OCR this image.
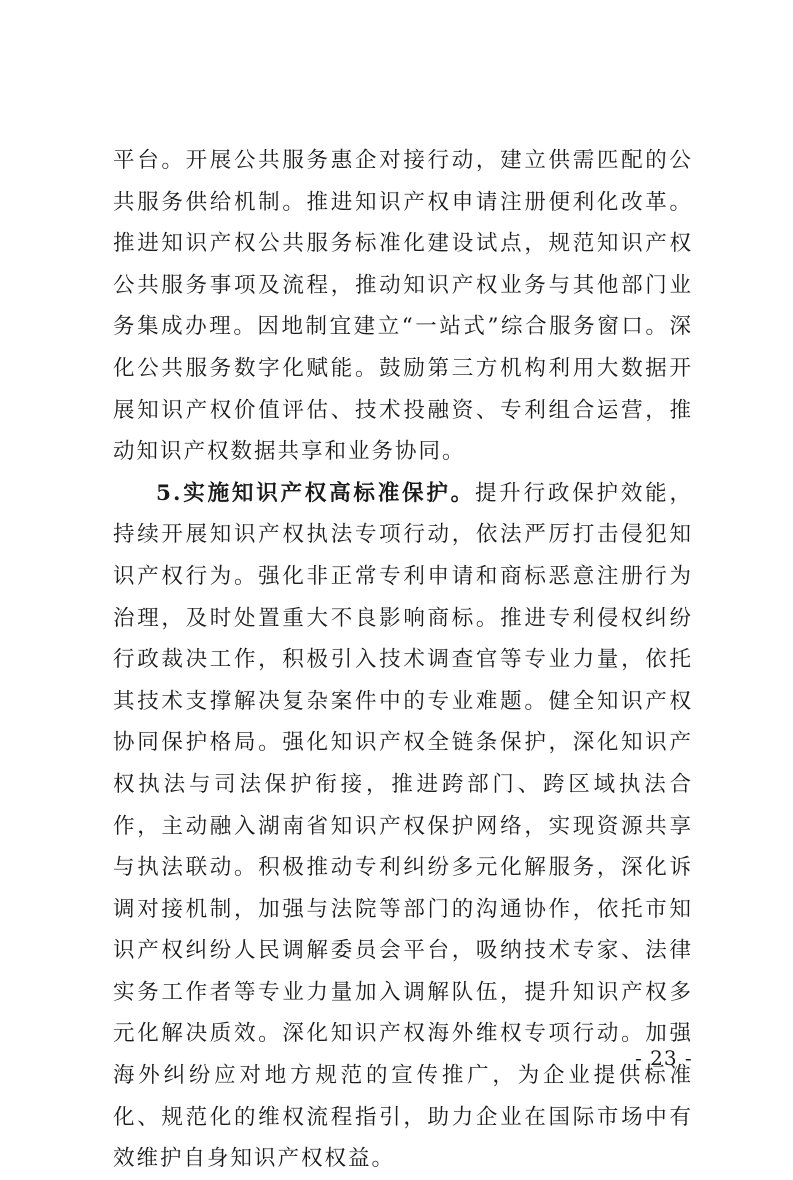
平台。开展公共服务惠企对接行动，建立供需匹配的公共服务供给机制。推进知识产权申请注册便利化改革。推进知识产权公共服务标准化建设试点，规范知识产权公共服务事项及流程，推动知识产权业务与其他部门业务集成办理。因地制宜建立“一站式”综合服务窗口。深化公共服务数字化赋能。鼓励第三方机构利用大数据开展知识产权价值评估、技术投融资、专利组合运营，推动知识产权数据共享和业务协同。

5.实施知识产权高标准保护。提升行政保护效能，持续开展知识产权执法专项行动，依法严厉打击侵犯知识产权行为。强化非正常专利申请和商标恶意注册行为治理，及时处置重大不良影响商标。推进专利侵权纠纷行政裁决工作，积极引入技术调查官等专业力量，依托其技术支撑解决复杂案件中的专业难题。健全知识产权协同保护格局。强化知识产权全链条保护，深化知识产权执法与司法保护衔接，推进跨部门、跨区域执法合作，主动融入湖南省知识产权保护网络，实现资源共享与执法联动。积极推动专利纠纷多元化解服务，深化诉调对接机制，加强与法院等部门的沟通协作，依托市知识产权纠纷人民调解委员会平台，吸纳技术专家、法律实务工作者等专业力量加入调解队伍，提升知识产权多元化解决质效。深化知识产权海外维权专项行动。加强海外纠纷应对地方规范的宣传推广，为企业提供标准化、规范化的维权流程指引，助力企业在国际市场中有效维护自身知识产权权益。

- 23 -
